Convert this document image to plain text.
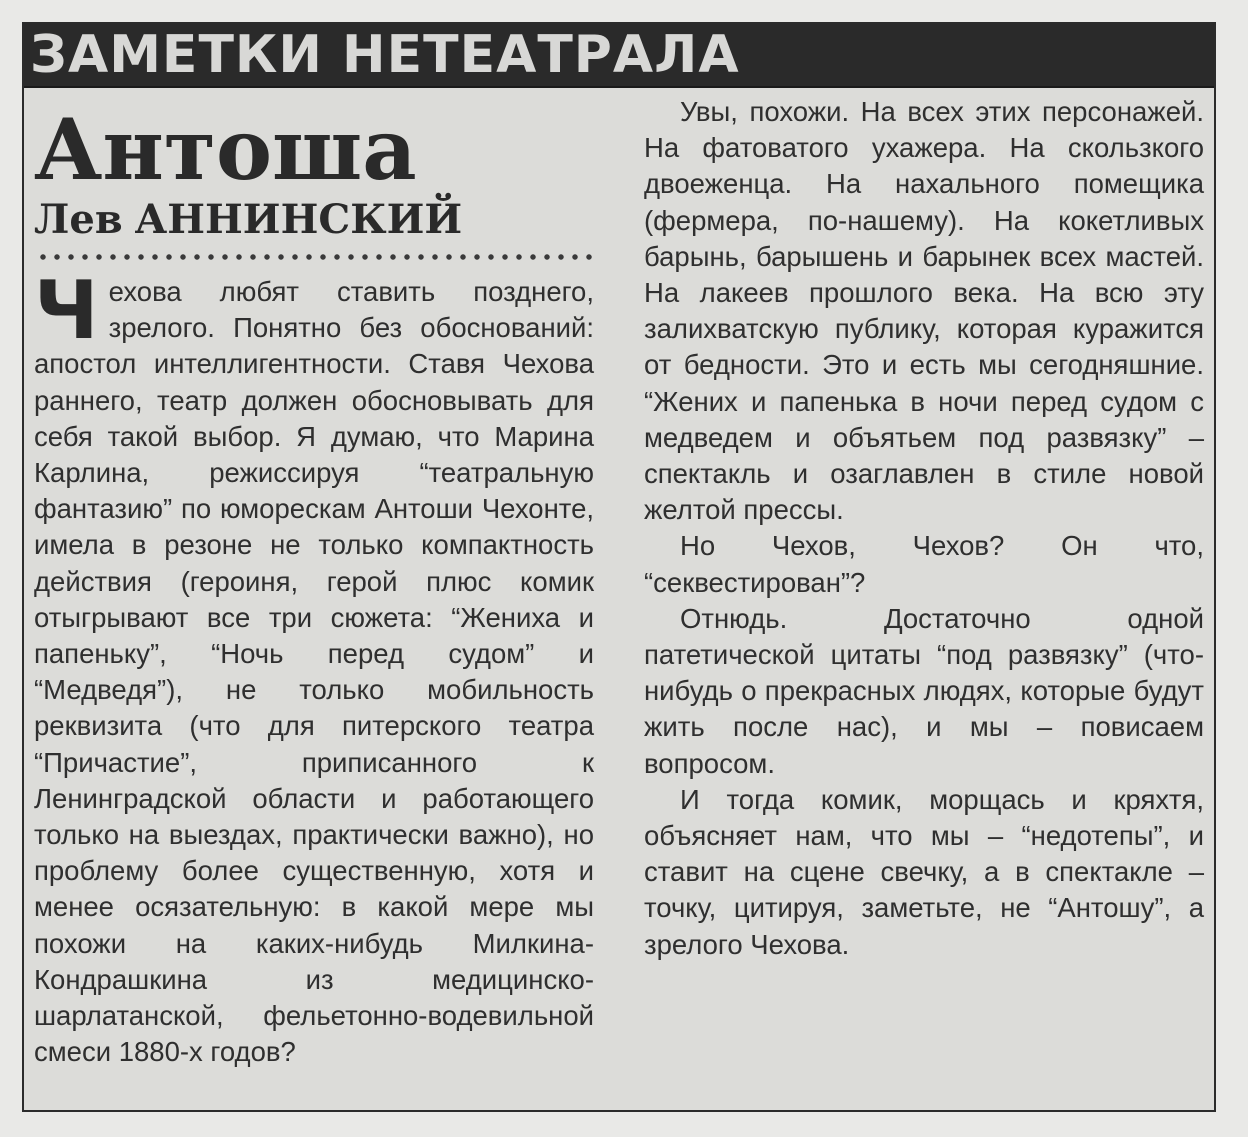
ЗАМЕТКИ НЕТЕАТРАЛА
Антоша
Лев АННИНСКИЙ

Чехова любят ставить позднего, зрелого. Понятно без обоснований: апостол интеллигентности. Ставя Чехова раннего, театр должен обосновывать для себя такой выбор. Я думаю, что Марина Карлина, режиссируя “театральную фантазию” по юморескам Антоши Чехонте, имела в резоне не только компактность действия (героиня, герой плюс комик отыгрывают все три сюжета: “Жениха и папеньку”, “Ночь перед судом” и “Медведя”), не только мобильность реквизита (что для питерского театра “Причастие”, приписанного к Ленинградской области и работающего только на выездах, практически важно), но проблему более существенную, хотя и менее осязательную: в какой мере мы похожи на каких-нибудь Милкина-Кондрашкина из медицинско-шарлатанской, фельетонно-водевильной смеси 1880-х годов?

Увы, похожи. На всех этих персонажей. На фатоватого ухажера. На скользкого двоеженца. На нахального помещика (фермера, по-нашему). На кокетливых барынь, барышень и барынек всех мастей. На лакеев прошлого века. На всю эту залихватскую публику, которая куражится от бедности. Это и есть мы сегодняшние. “Жених и папенька в ночи перед судом с медведем и объятьем под развязку” – спектакль и озаглавлен в стиле новой желтой прессы.

Но Чехов, Чехов? Он что, “секвестирован”?

Отнюдь. Достаточно одной патетической цитаты “под развязку” (что-нибудь о прекрасных людях, которые будут жить после нас), и мы – повисаем вопросом.

И тогда комик, морщась и кряхтя, объясняет нам, что мы – “недотепы”, и ставит на сцене свечку, а в спектакле – точку, цитируя, заметьте, не “Антошу”, а зрелого Чехова.
